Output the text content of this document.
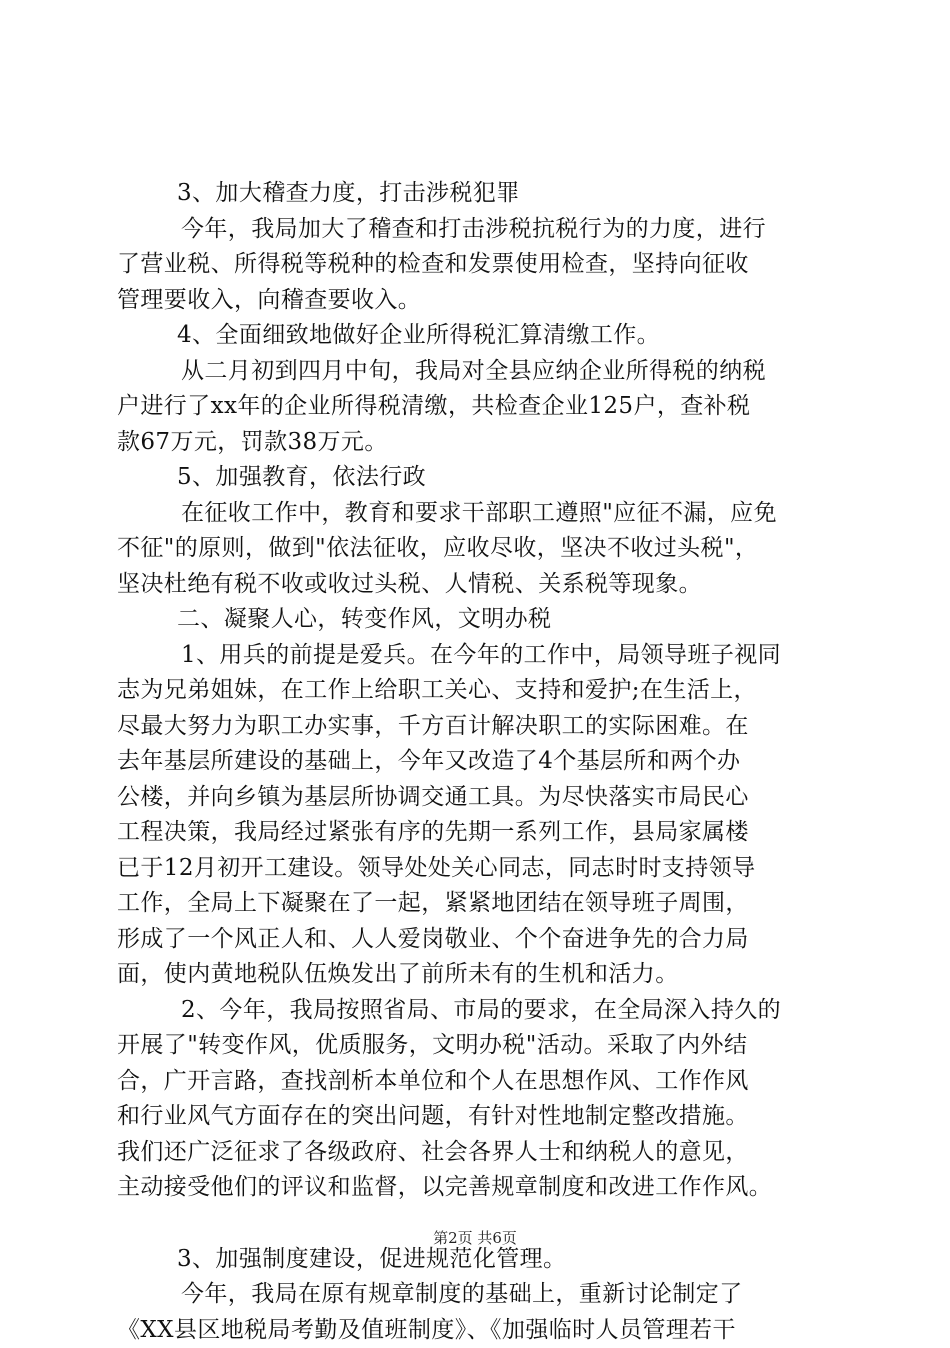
3、加大稽查力度，打击涉税犯罪
今年，我局加大了稽查和打击涉税抗税行为的力度，进行
了营业税、所得税等税种的检查和发票使用检查，坚持向征收
管理要收入，向稽查要收入。
4、全面细致地做好企业所得税汇算清缴工作。
从二月初到四月中旬，我局对全县应纳企业所得税的纳税
户进行了xx年的企业所得税清缴，共检查企业125户，查补税
款67万元，罚款38万元。
5、加强教育，依法行政
在征收工作中，教育和要求干部职工遵照"应征不漏，应免
不征"的原则，做到"依法征收，应收尽收，坚决不收过头税"，
坚决杜绝有税不收或收过头税、人情税、关系税等现象。
二、凝聚人心，转变作风，文明办税
1、用兵的前提是爱兵。在今年的工作中，局领导班子视同
志为兄弟姐妹，在工作上给职工关心、支持和爱护;在生活上，
尽最大努力为职工办实事，千方百计解决职工的实际困难。在
去年基层所建设的基础上，今年又改造了4个基层所和两个办
公楼，并向乡镇为基层所协调交通工具。为尽快落实市局民心
工程决策，我局经过紧张有序的先期一系列工作，县局家属楼
已于12月初开工建设。领导处处关心同志，同志时时支持领导
工作，全局上下凝聚在了一起，紧紧地团结在领导班子周围，
形成了一个风正人和、人人爱岗敬业、个个奋进争先的合力局
面，使内黄地税队伍焕发出了前所未有的生机和活力。
2、今年，我局按照省局、市局的要求，在全局深入持久的
开展了"转变作风，优质服务，文明办税"活动。采取了内外结
合，广开言路，查找剖析本单位和个人在思想作风、工作作风
和行业风气方面存在的突出问题，有针对性地制定整改措施。
我们还广泛征求了各级政府、社会各界人士和纳税人的意见，
主动接受他们的评议和监督，以完善规章制度和改进工作作风。
3、加强制度建设，促进规范化管理。
今年，我局在原有规章制度的基础上，重新讨论制定了
《XX县区地税局考勤及值班制度》、《加强临时人员管理若干
第2页 共6页
